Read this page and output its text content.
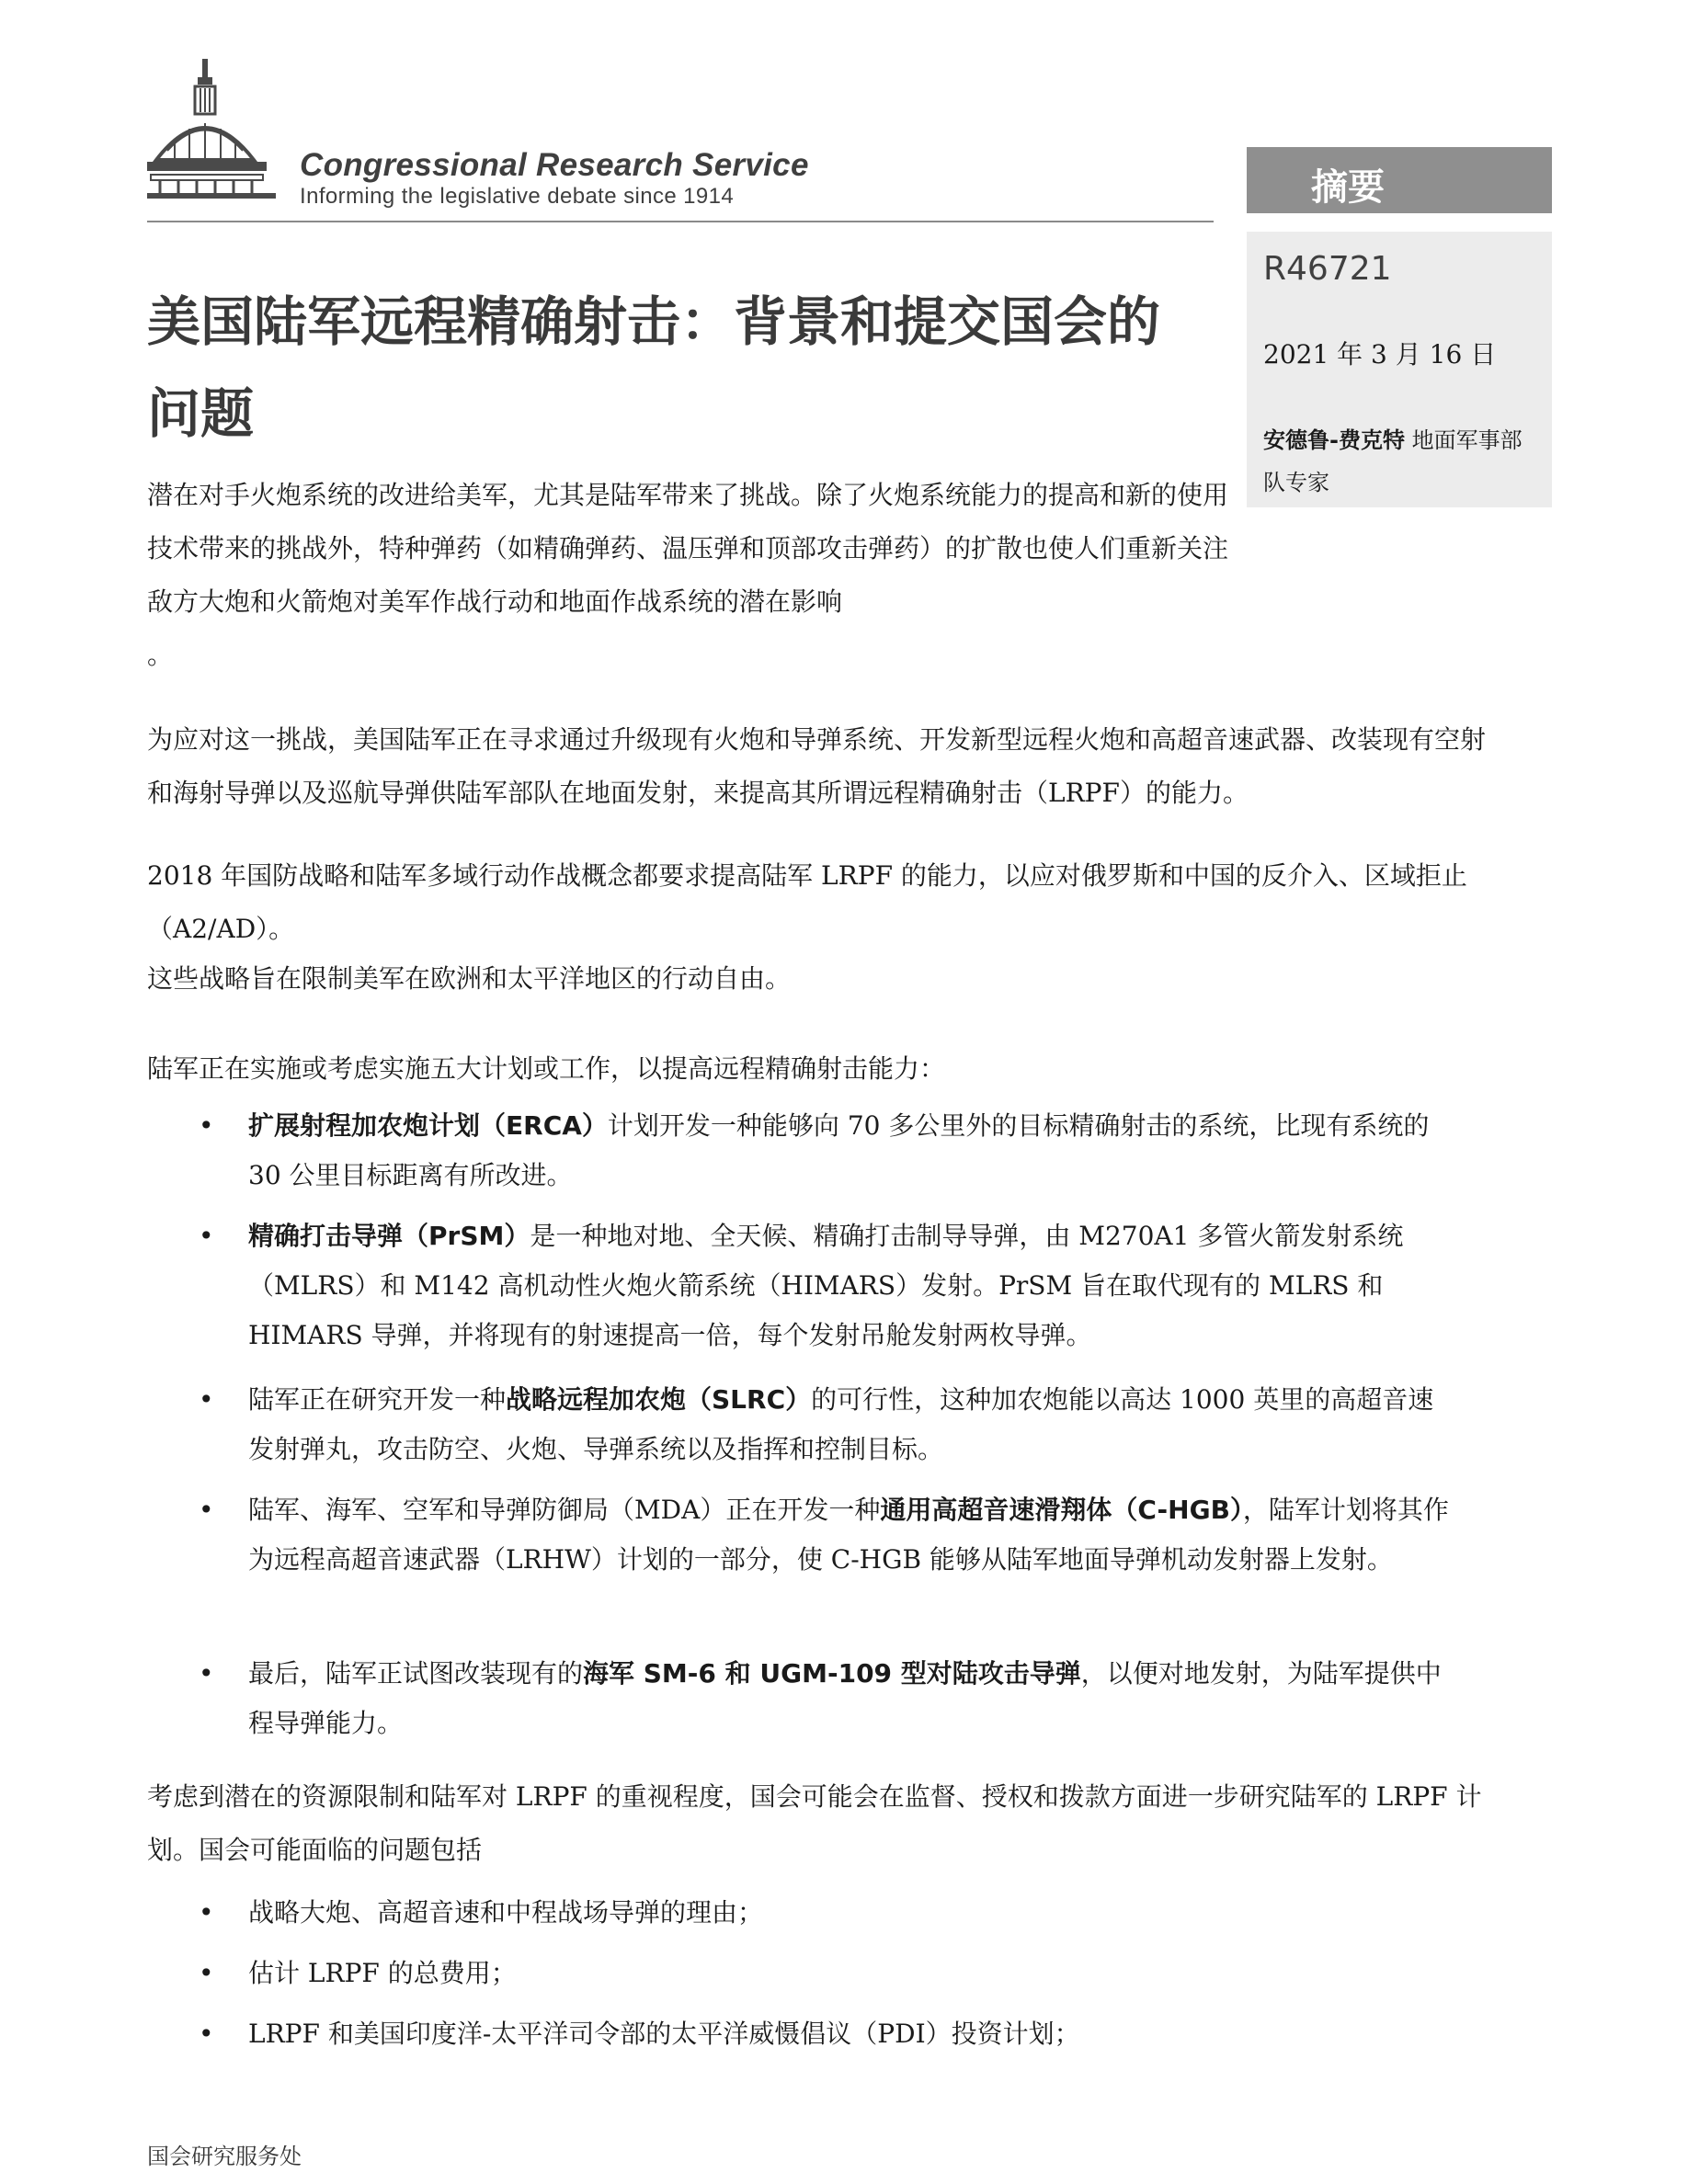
Congressional Research Service
Informing the legislative debate since 1914	摘要
R46721
2021 年 3 月 16 日
安德鲁-费克特 地面军事部队专家
美国陆军远程精确射击：背景和提交国会的
问题
潜在对手火炮系统的改进给美军，尤其是陆军带来了挑战。除了火炮系统能力的提高和新的使用技术带来的挑战外，特种弹药（如精确弹药、温压弹和顶部攻击弹药）的扩散也使人们重新关注敌方大炮和火箭炮对美军作战行动和地面作战系统的潜在影响
。
为应对这一挑战，美国陆军正在寻求通过升级现有火炮和导弹系统、开发新型远程火炮和高超音速武器、改装现有空射和海射导弹以及巡航导弹供陆军部队在地面发射，来提高其所谓远程精确射击（LRPF）的能力。
2018 年国防战略和陆军多域行动作战概念都要求提高陆军 LRPF 的能力，以应对俄罗斯和中国的反介入、区域拒止（A2/AD）。
这些战略旨在限制美军在欧洲和太平洋地区的行动自由。
陆军正在实施或考虑实施五大计划或工作，以提高远程精确射击能力：
• 扩展射程加农炮计划（ERCA）计划开发一种能够向 70 多公里外的目标精确射击的系统，比现有系统的 30 公里目标距离有所改进。
• 精确打击导弹（PrSM）是一种地对地、全天候、精确打击制导导弹，由 M270A1 多管火箭发射系统（MLRS）和 M142 高机动性火炮火箭系统（HIMARS）发射。PrSM 旨在取代现有的 MLRS 和 HIMARS 导弹，并将现有的射速提高一倍，每个发射吊舱发射两枚导弹。
• 陆军正在研究开发一种战略远程加农炮（SLRC）的可行性，这种加农炮能以高达 1000 英里的高超音速发射弹丸，攻击防空、火炮、导弹系统以及指挥和控制目标。
• 陆军、海军、空军和导弹防御局（MDA）正在开发一种通用高超音速滑翔体（C-HGB），陆军计划将其作为远程高超音速武器（LRHW）计划的一部分，使 C-HGB 能够从陆军地面导弹机动发射器上发射。
• 最后，陆军正试图改装现有的海军 SM-6 和 UGM-109 型对陆攻击导弹，以便对地发射，为陆军提供中程导弹能力。
考虑到潜在的资源限制和陆军对 LRPF 的重视程度，国会可能会在监督、授权和拨款方面进一步研究陆军的 LRPF 计划。国会可能面临的问题包括
• 战略大炮、高超音速和中程战场导弹的理由；
• 估计 LRPF 的总费用；
• LRPF 和美国印度洋-太平洋司令部的太平洋威慑倡议（PDI）投资计划；
国会研究服务处
